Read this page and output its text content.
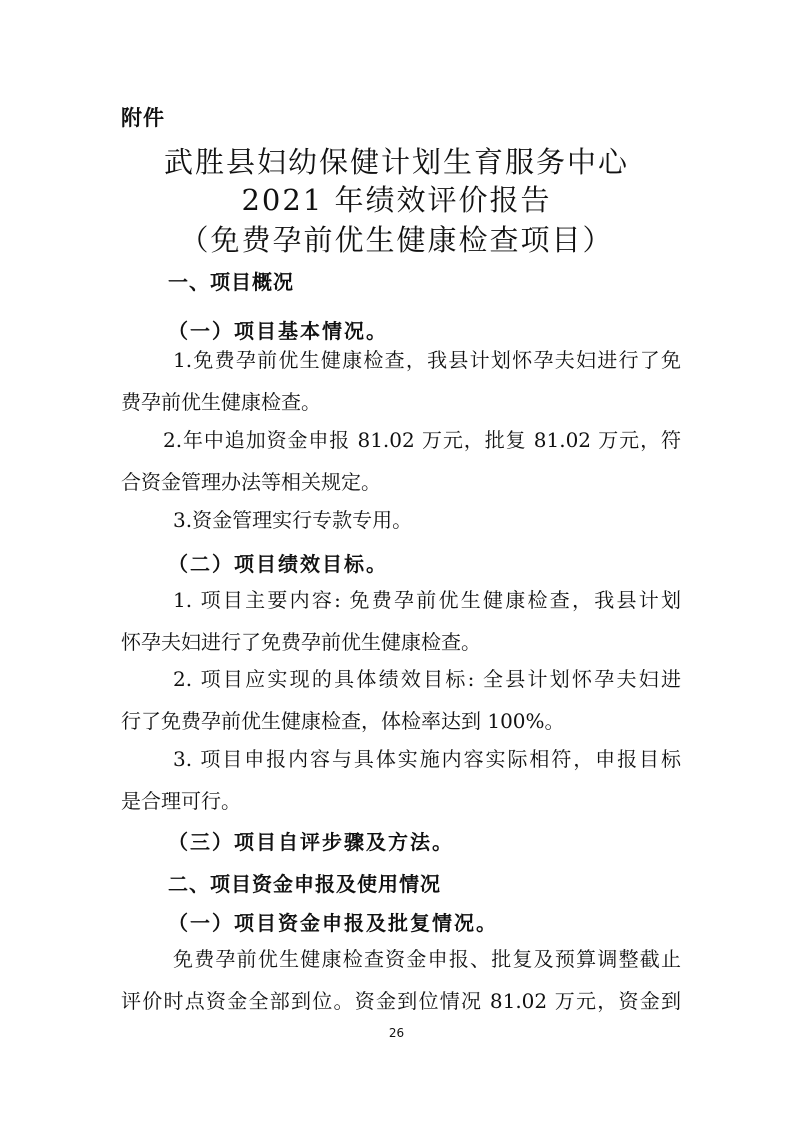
附件
武胜县妇幼保健计划生育服务中心
2021 年绩效评价报告
（免费孕前优生健康检查项目）
一、项目概况
（一）项目基本情况。
1.免费孕前优生健康检查，我县计划怀孕夫妇进行了免
费孕前优生健康检查。
2.年中追加资金申报 81.02 万元，批复 81.02 万元，符
合资金管理办法等相关规定。
3.资金管理实行专款专用。
（二）项目绩效目标。
1. 项目主要内容: 免费孕前优生健康检查，我县计划
怀孕夫妇进行了免费孕前优生健康检查。
2. 项目应实现的具体绩效目标: 全县计划怀孕夫妇进
行了免费孕前优生健康检查，体检率达到 100%。
3. 项目申报内容与具体实施内容实际相符，申报目标
是合理可行。
（三）项目自评步骤及方法。
二、项目资金申报及使用情况
（一）项目资金申报及批复情况。
免费孕前优生健康检查资金申报、批复及预算调整截止
评价时点资金全部到位。资金到位情况 81.02 万元，资金到
26
